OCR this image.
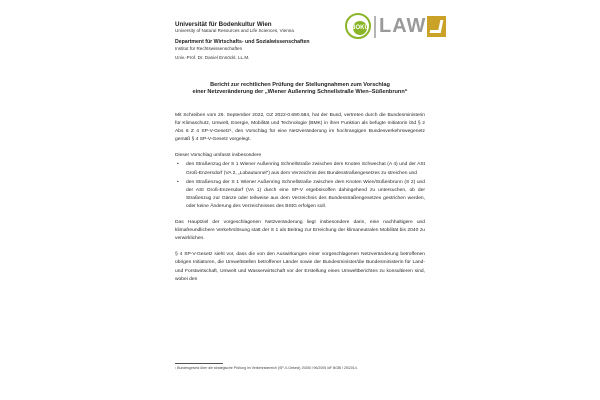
Universität für Bodenkultur Wien

University of Natural Resources and Life Sciences, Vienna

Department für Wirtschafts- und Sozialwissenschaften

Institut für Rechtswissenschaften

Univ.-Prof. Dr. Daniel Ennöckl, LL.M.

BOKU LAW

Bericht zur rechtlichen Prüfung der Stellungnahmen zum Vorschlag

einer Netzveränderung der „Wiener Außenring Schnellstraße Wien–Süßenbrunn“

Mit Schreiben vom 26. September 2022, GZ 2022-0.690.584, hat der Bund, vertreten durch die Bundesministerin für Klimaschutz, Umwelt, Energie, Mobilität und Technologie (BMK) in ihrer Funktion als befugte Initiatorin iSd § 2 Abs 6 Z 4 SP-V-Gesetz¹, den Vorschlag für eine Netzveränderung im hochrangigen Bundesverkehrswegenetz gemäß § 4 SP-V-Gesetz vorgelegt.

Dieser Vorschlag umfasst insbesondere

• den Straßenzug der S 1 Wiener Außenring Schnellstraße zwischen dem Knoten Schwechat (A 4) und der ASt Groß-Enzersdorf (VA 2, „Lobautunnel“) aus dem Verzeichnis des Bundesstraßengesetzes zu streichen und
• den Straßenzug der S 1 Wiener Außenring Schnellstraße zwischen dem Knoten Wien/Süßenbrunn (S 2) und der ASt Groß-Enzersdorf (VA 1) durch eine SP-V ergebnisoffen dahingehend zu untersuchen, ob der Straßenzug zur Gänze oder teilweise aus dem Verzeichnis des Bundesstraßengesetzes gestrichen werden, oder keine Änderung des Verzeichnisses des BStG erfolgen soll.

Das Hauptziel der vorgeschlagenen Netzveränderung liegt insbesondere darin, eine nachhaltigere und klimafreundlichere Verkehrslösung statt der S 1 als Beitrag zur Erreichung der klimaneutralen Mobilität bis 2040 zu verwirklichen.

§ 4 SP-V-Gesetz sieht vor, dass die von den Auswirkungen einer vorgeschlagenen Netzveränderung betroffenen übrigen Initiatoren, die Umweltstellen betroffener Länder sowie der Bundesminister/die Bundesministerin für Land- und Forstwirtschaft, Umwelt und Wasserwirtschaft vor der Erstellung eines Umweltberichtes zu konsultieren sind, wobei den

¹ Bundesgesetz über die strategische Prüfung im Verkehrsbereich (SP-V-Gesetz), BGBl I 96/2005 idF BGBl I 25/2014.
